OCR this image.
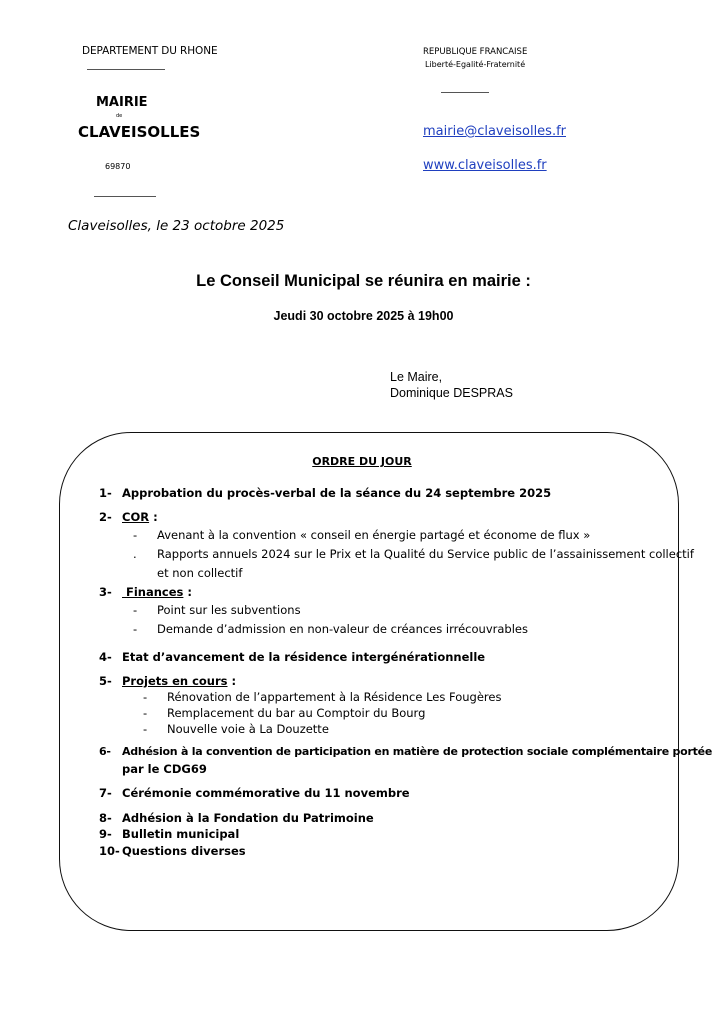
DEPARTEMENT DU RHONE
MAIRIE
de
CLAVEISOLLES
69870
REPUBLIQUE FRANCAISE
Liberté-Egalité-Fraternité
mairie@claveisolles.fr
www.claveisolles.fr
Claveisolles, le 23 octobre 2025
Le Conseil Municipal se réunira en mairie :
Jeudi 30 octobre 2025 à 19h00
Le Maire,
Dominique DESPRAS
ORDRE DU JOUR
1- Approbation du procès-verbal de la séance du 24 septembre 2025
2- COR :
- Avenant à la convention « conseil en énergie partagé et économe de flux »
. Rapports annuels 2024 sur le Prix et la Qualité du Service public de l’assainissement collectif
et non collectif
3- Finances :
- Point sur les subventions
- Demande d’admission en non-valeur de créances irrécouvrables
4- Etat d’avancement de la résidence intergénérationnelle
5- Projets en cours :
- Rénovation de l’appartement à la Résidence Les Fougères
- Remplacement du bar au Comptoir du Bourg
- Nouvelle voie à La Douzette
6- Adhésion à la convention de participation en matière de protection sociale complémentaire portée
par le CDG69
7- Cérémonie commémorative du 11 novembre
8- Adhésion à la Fondation du Patrimoine
9- Bulletin municipal
10- Questions diverses
